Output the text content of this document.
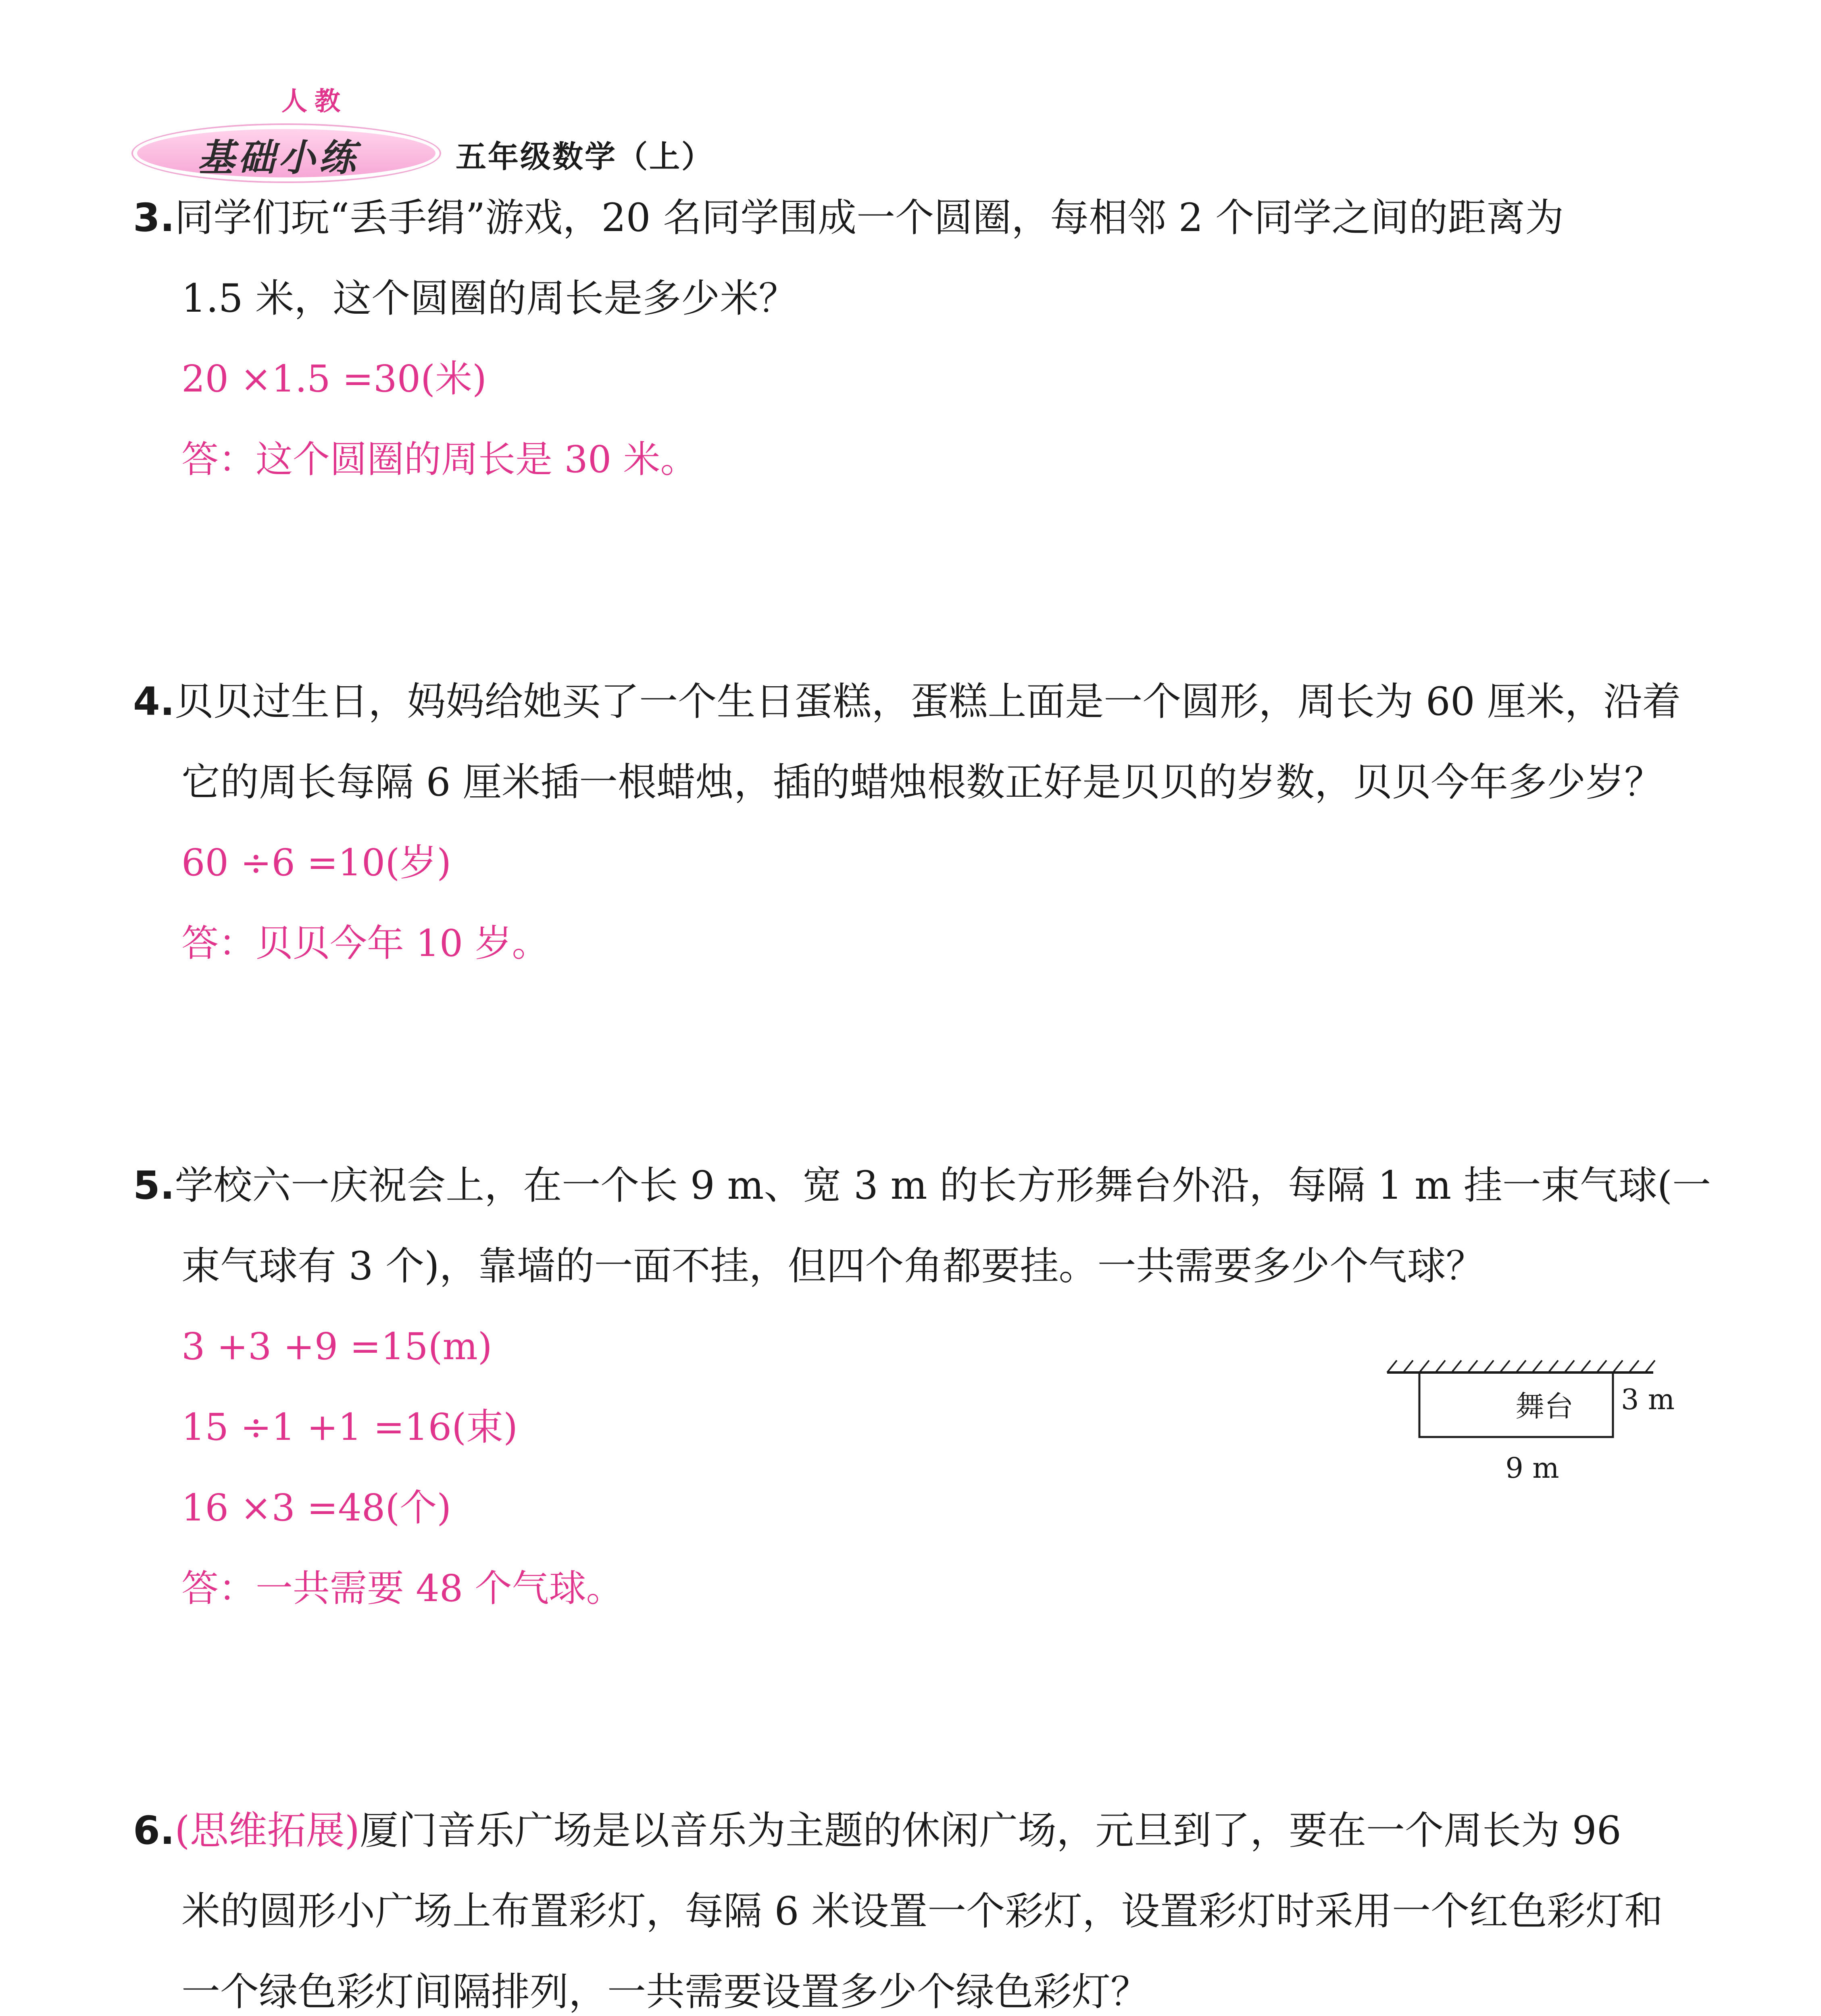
人教
基础小练	五年级数学（上）
3.同学们玩“丢手绢”游戏，20 名同学围成一个圆圈，每相邻 2 个同学之间的距离为
1.5 米，这个圆圈的周长是多少米？
20 ×1.5 =30(米)
答：这个圆圈的周长是 30 米。
4.贝贝过生日，妈妈给她买了一个生日蛋糕，蛋糕上面是一个圆形，周长为 60 厘米，沿着
它的周长每隔 6 厘米插一根蜡烛，插的蜡烛根数正好是贝贝的岁数，贝贝今年多少岁？
60 ÷6 =10(岁)
答：贝贝今年 10 岁。
5.学校六一庆祝会上，在一个长 9 m、宽 3 m 的长方形舞台外沿，每隔 1 m 挂一束气球(一
束气球有 3 个)，靠墙的一面不挂，但四个角都要挂。一共需要多少个气球？
3 +3 +9 =15(m)
15 ÷1 +1 =16(束)
16 ×3 =48(个)
答：一共需要 48 个气球。
舞台	3 m
9 m
6.(思维拓展)厦门音乐广场是以音乐为主题的休闲广场，元旦到了，要在一个周长为 96
米的圆形小广场上布置彩灯，每隔 6 米设置一个彩灯，设置彩灯时采用一个红色彩灯和
一个绿色彩灯间隔排列，一共需要设置多少个绿色彩灯？
